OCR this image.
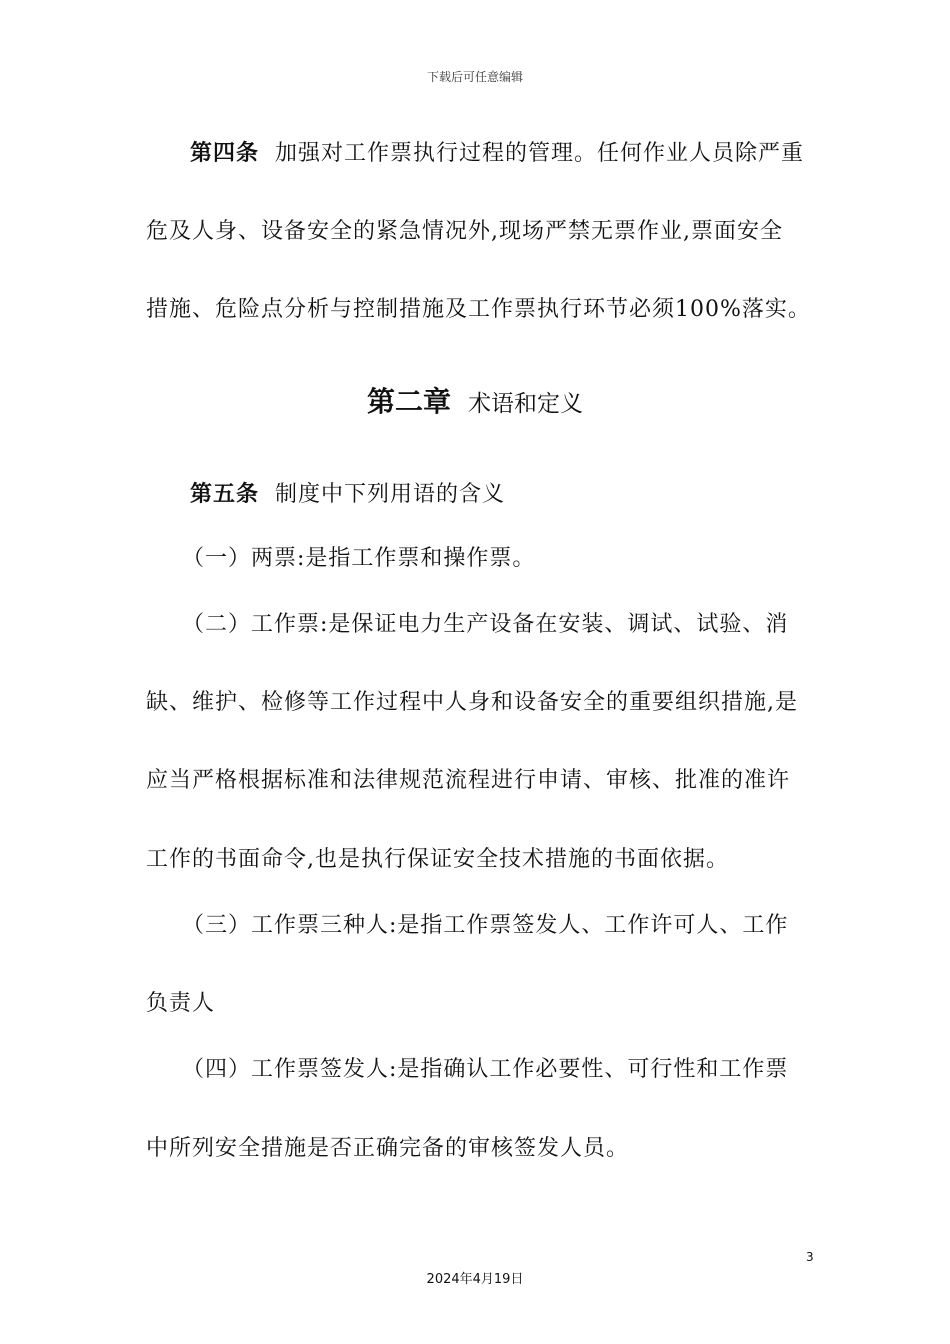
下载后可任意编辑
第四条 加强对工作票执行过程的管理。任何作业人员除严重
危及人身、设备安全的紧急情况外,现场严禁无票作业,票面安全
措施、危险点分析与控制措施及工作票执行环节必须100%落实。
第二章 术语和定义
第五条 制度中下列用语的含义
（一）两票:是指工作票和操作票。
（二）工作票:是保证电力生产设备在安装、调试、试验、消
缺、维护、检修等工作过程中人身和设备安全的重要组织措施,是
应当严格根据标准和法律规范流程进行申请、审核、批准的准许
工作的书面命令,也是执行保证安全技术措施的书面依据。
（三）工作票三种人:是指工作票签发人、工作许可人、工作
负责人
（四）工作票签发人:是指确认工作必要性、可行性和工作票
中所列安全措施是否正确完备的审核签发人员。
3
2024年4月19日
